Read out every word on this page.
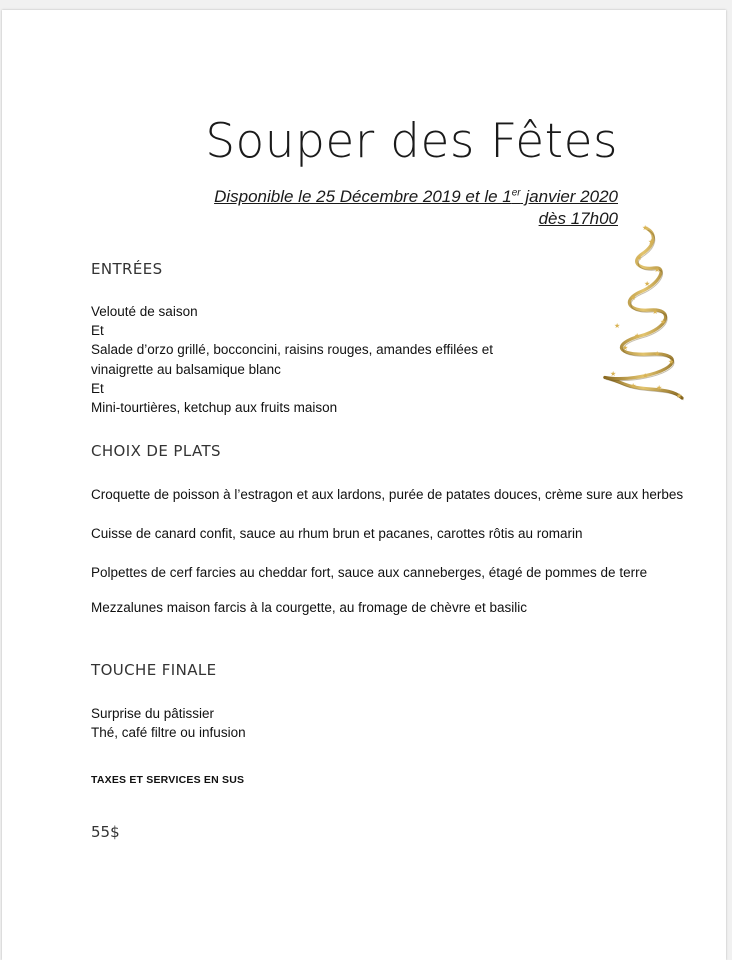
Souper des Fêtes
Disponible le 25 Décembre 2019 et le 1er janvier 2020
dès 17h00	★
★
★
★
★
★
★
★
★
★
★
★
★
★
★	★
★
★
ENTRÉES
Velouté de saison
Et
Salade d’orzo grillé, bocconcini, raisins rouges, amandes effilées et
vinaigrette au balsamique blanc
Et
Mini-tourtières, ketchup aux fruits maison
CHOIX DE PLATS
Croquette de poisson à l’estragon et aux lardons, purée de patates douces, crème sure aux herbes
Cuisse de canard confit, sauce au rhum brun et pacanes, carottes rôtis au romarin
Polpettes de cerf farcies au cheddar fort, sauce aux canneberges, étagé de pommes de terre
Mezzalunes maison farcis à la courgette, au fromage de chèvre et basilic
TOUCHE FINALE
Surprise du pâtissier
Thé, café filtre ou infusion
TAXES ET SERVICES EN SUS
55$
